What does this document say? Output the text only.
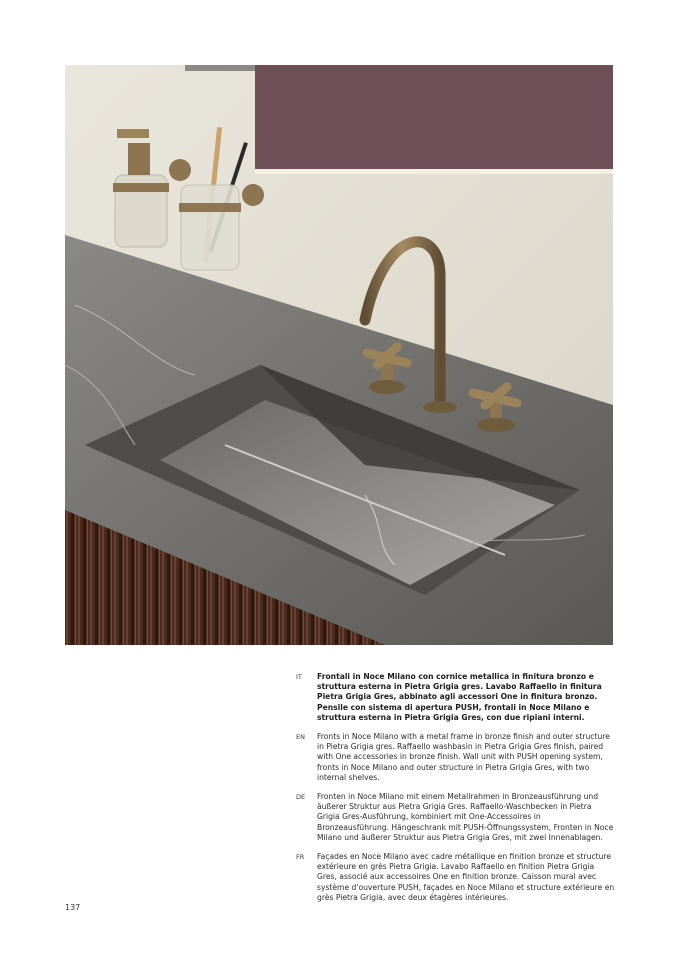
IT	Frontali in Noce Milano con cornice metallica in finitura bronzo e struttura esterna in Pietra Grigia gres. Lavabo Raffaello in finitura Pietra Grigia Gres, abbinato agli accessori One in finitura bronzo. Pensile con sistema di apertura PUSH, frontali in Noce Milano e struttura esterna in Pietra Grigia Gres, con due ripiani interni.
EN	Fronts in Noce Milano with a metal frame in bronze finish and outer structure in Pietra Grigia gres. Raffaello washbasin in Pietra Grigia Gres finish, paired with One accessories in bronze finish. Wall unit with PUSH opening system, fronts in Noce Milano and outer structure in Pietra Grigia Gres, with two internal shelves.
DE	Fronten in Noce Milano mit einem Metallrahmen in Bronzeausführung und äußerer Struktur aus Pietra Grigia Gres. Raffaello-Waschbecken in Pietra Grigia Gres-Ausführung, kombiniert mit One-Accessoires in Bronzeausführung. Hängeschrank mit PUSH-Öffnungssystem, Fronten in Noce Milano und äußerer Struktur aus Pietra Grigia Gres, mit zwei Innenablagen.
FR	Façades en Noce Milano avec cadre métallique en finition bronze et structure extérieure en grès Pietra Grigia. Lavabo Raffaello en finition Pietra Grigia Gres, associé aux accessoires One en finition bronze. Caisson mural avec système d'ouverture PUSH, façades en Noce Milano et structure extérieure en grès Pietra Grigia, avec deux étagères intérieures.
137
